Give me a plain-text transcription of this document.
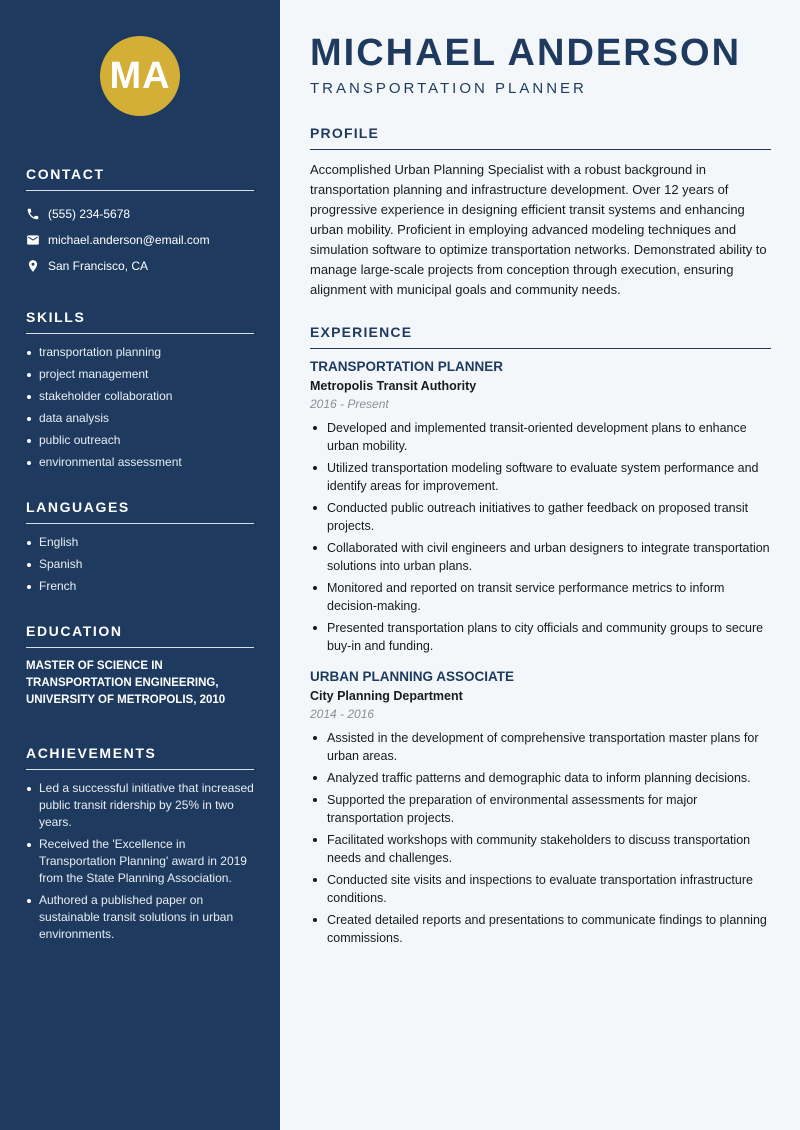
MA
CONTACT
(555) 234-5678
michael.anderson@email.com
San Francisco, CA
SKILLS
transportation planning
project management
stakeholder collaboration
data analysis
public outreach
environmental assessment
LANGUAGES
English
Spanish
French
EDUCATION
MASTER OF SCIENCE IN TRANSPORTATION ENGINEERING, UNIVERSITY OF METROPOLIS, 2010
ACHIEVEMENTS
Led a successful initiative that increased public transit ridership by 25% in two years.
Received the 'Excellence in Transportation Planning' award in 2019 from the State Planning Association.
Authored a published paper on sustainable transit solutions in urban environments.
MICHAEL ANDERSON
TRANSPORTATION PLANNER
PROFILE

Accomplished Urban Planning Specialist with a robust background in transportation planning and infrastructure development. Over 12 years of progressive experience in designing efficient transit systems and enhancing urban mobility. Proficient in employing advanced modeling techniques and simulation software to optimize transportation networks. Demonstrated ability to manage large-scale projects from conception through execution, ensuring alignment with municipal goals and community needs.

EXPERIENCE
TRANSPORTATION PLANNER
Metropolis Transit Authority
2016 - Present
Developed and implemented transit-oriented development plans to enhance urban mobility.
Utilized transportation modeling software to evaluate system performance and identify areas for improvement.
Conducted public outreach initiatives to gather feedback on proposed transit projects.
Collaborated with civil engineers and urban designers to integrate transportation solutions into urban plans.
Monitored and reported on transit service performance metrics to inform decision-making.
Presented transportation plans to city officials and community groups to secure buy-in and funding.
URBAN PLANNING ASSOCIATE
City Planning Department
2014 - 2016
Assisted in the development of comprehensive transportation master plans for urban areas.
Analyzed traffic patterns and demographic data to inform planning decisions.
Supported the preparation of environmental assessments for major transportation projects.
Facilitated workshops with community stakeholders to discuss transportation needs and challenges.
Conducted site visits and inspections to evaluate transportation infrastructure conditions.
Created detailed reports and presentations to communicate findings to planning commissions.
